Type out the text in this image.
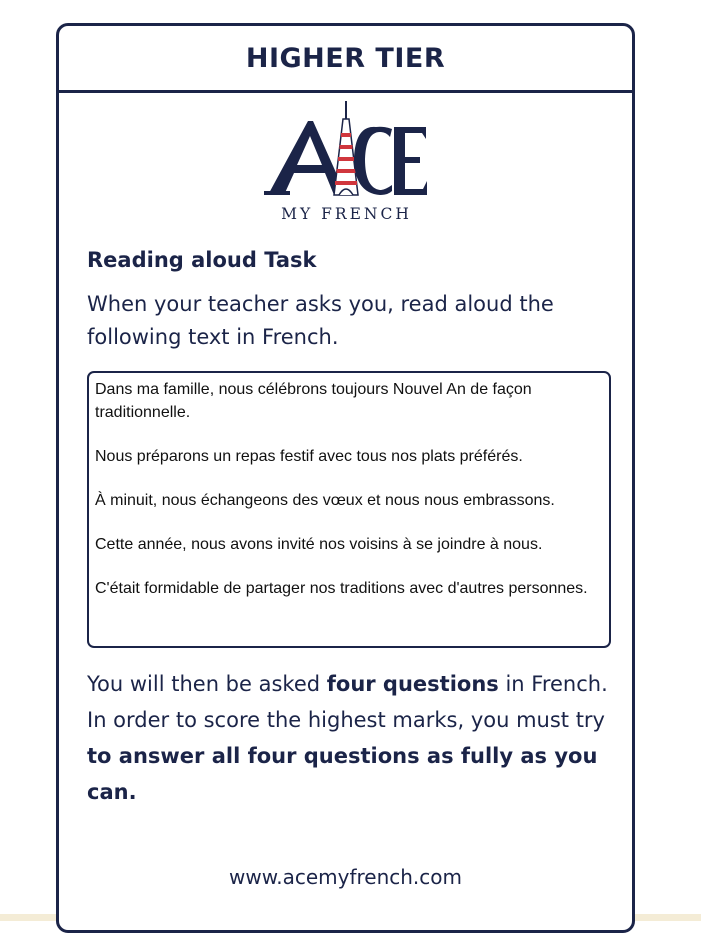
HIGHER TIER
MY FRENCH
Reading aloud Task
When your teacher asks you, read aloud the following text in French.

Dans ma famille, nous célébrons toujours Nouvel An de façon traditionnelle.

Nous préparons un repas festif avec tous nos plats préférés.

À minuit, nous échangeons des vœux et nous nous embrassons.

Cette année, nous avons invité nos voisins à se joindre à nous.

C'était formidable de partager nos traditions avec d'autres personnes.

You will then be asked four questions in French.
In order to score the highest marks, you must try
to answer all four questions as fully as you can.
www.acemyfrench.com
